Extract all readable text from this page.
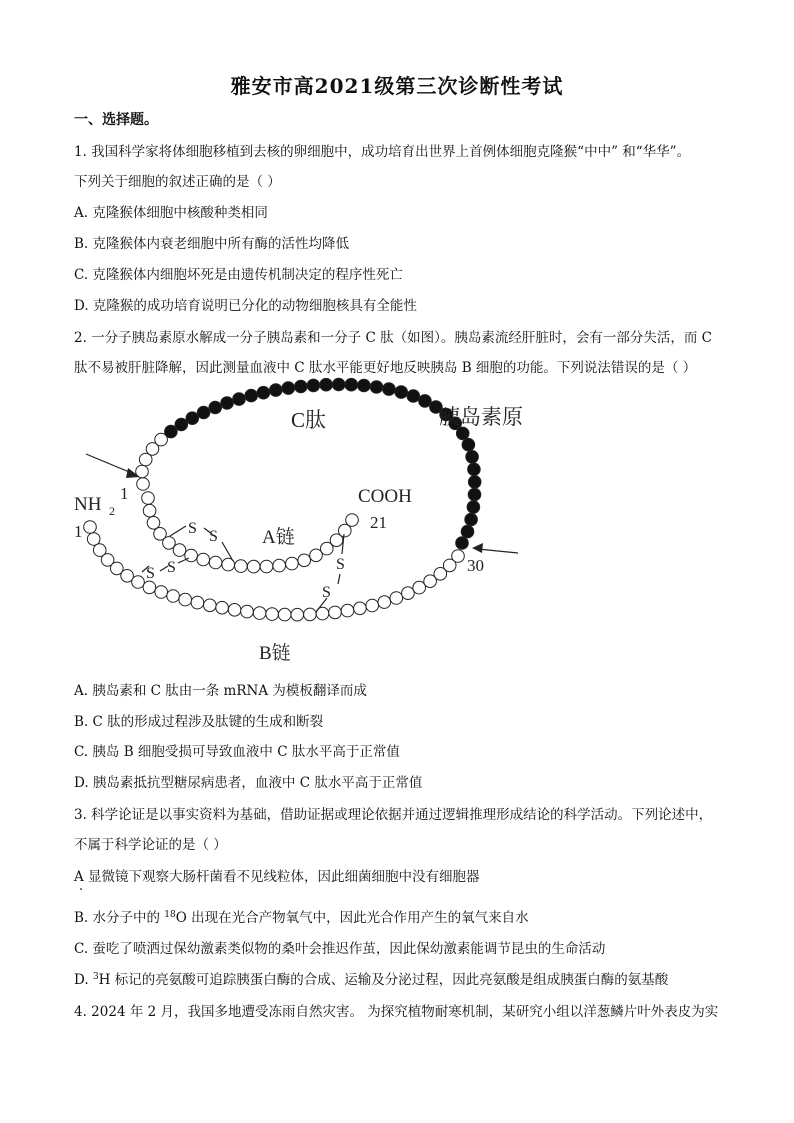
雅安市高2021级第三次诊断性考试
一、选择题。
1. 我国科学家将体细胞移植到去核的卵细胞中，成功培育出世界上首例体细胞克隆猴“中中” 和“华华”。
下列关于细胞的叙述正确的是（ ）
A. 克隆猴体细胞中核酸种类相同
B. 克隆猴体内衰老细胞中所有酶的活性均降低
C. 克隆猴体内细胞坏死是由遗传机制决定的程序性死亡
D. 克隆猴的成功培育说明已分化的动物细胞核具有全能性
2. 一分子胰岛素原水解成一分子胰岛素和一分子 C 肽（如图）。胰岛素流经肝脏时，会有一部分失活，而 C
肽不易被肝脏降解，因此测量血液中 C 肽水平能更好地反映胰岛 B 细胞的功能。下列说法错误的是（ ）
C肽	胰岛素原
A链
B链
NH 2
COOH
21
1
1
30
S S
S S	S
S
A. 胰岛素和 C 肽由一条 mRNA 为模板翻译而成
B. C 肽的形成过程涉及肽键的生成和断裂
C. 胰岛 B 细胞受损可导致血液中 C 肽水平高于正常值
D. 胰岛素抵抗型糖尿病患者，血液中 C 肽水平高于正常值
3. 科学论证是以事实资料为基础，借助证据或理论依据并通过逻辑推理形成结论的科学活动。下列论述中，
不属于科学论证的是（ ）
A 显微镜下观察大肠杆菌看不见线粒体，因此细菌细胞中没有细胞器
B. 水分子中的 $^{18}$O 出现在光合产物氧气中，因此光合作用产生的氧气来自水
C. 蚕吃了喷洒过保幼激素类似物的桑叶会推迟作茧，因此保幼激素能调节昆虫的生命活动
D. $^3$H 标记的亮氨酸可追踪胰蛋白酶的合成、运输及分泌过程，因此亮氨酸是组成胰蛋白酶的氨基酸
4. 2024 年 2 月，我国多地遭受冻雨自然灾害。 为探究植物耐寒机制，某研究小组以洋葱鳞片叶外表皮为实
